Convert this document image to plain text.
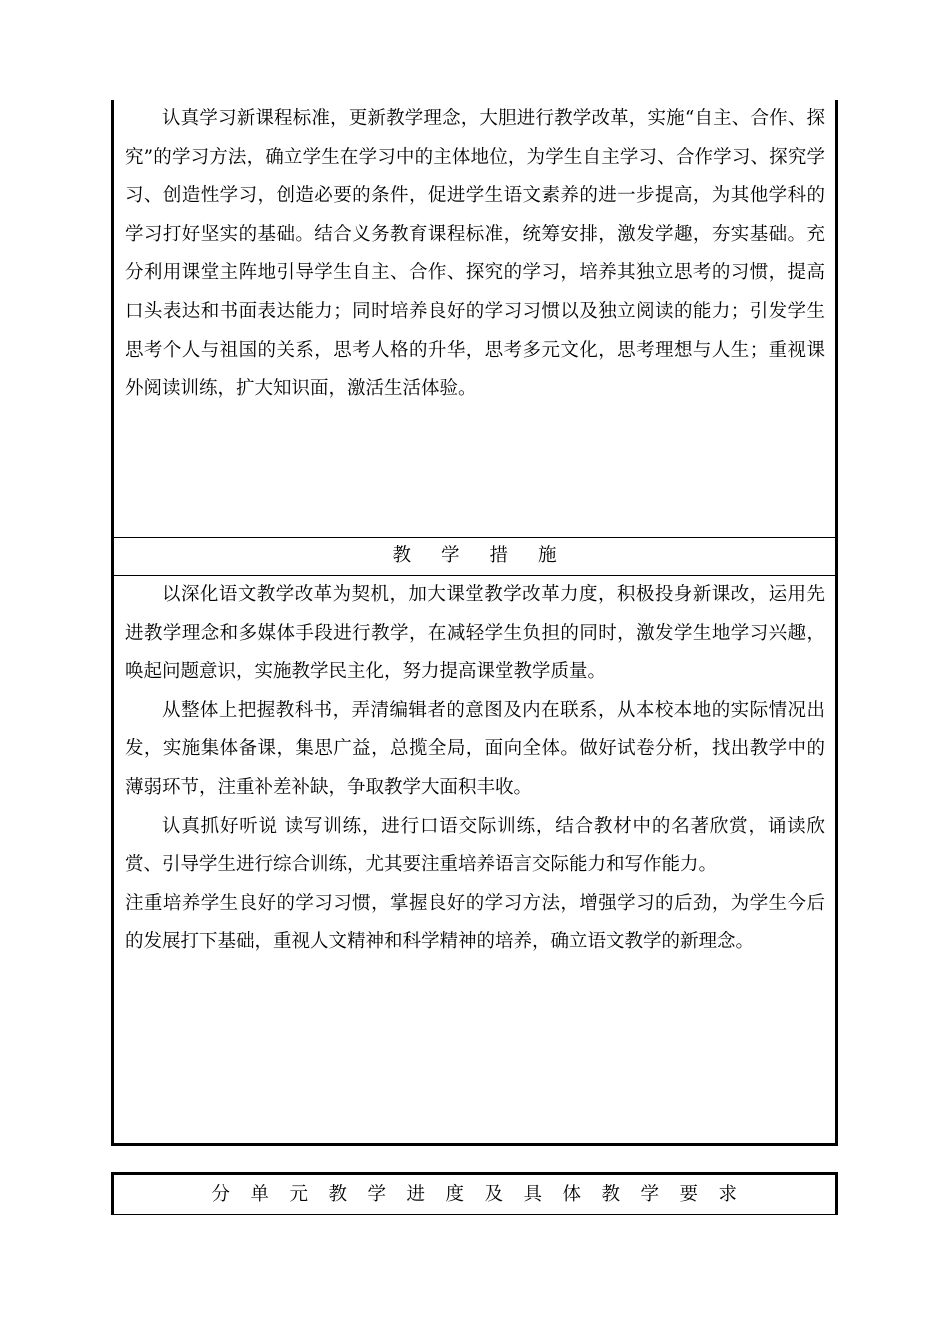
认真学习新课程标准，更新教学理念，大胆进行教学改革，实施“自主、合作、探究”的学习方法，确立学生在学习中的主体地位，为学生自主学习、合作学习、探究学习、创造性学习，创造必要的条件，促进学生语文素养的进一步提高，为其他学科的学习打好坚实的基础。结合义务教育课程标准，统筹安排，激发学趣，夯实基础。充分利用课堂主阵地引导学生自主、合作、探究的学习，培养其独立思考的习惯，提高口头表达和书面表达能力；同时培养良好的学习习惯以及独立阅读的能力；引发学生思考个人与祖国的关系，思考人格的升华，思考多元文化，思考理想与人生；重视课外阅读训练，扩大知识面，激活生活体验。

教学措施

以深化语文教学改革为契机，加大课堂教学改革力度，积极投身新课改，运用先进教学理念和多媒体手段进行教学，在减轻学生负担的同时，激发学生地学习兴趣，唤起问题意识，实施教学民主化，努力提高课堂教学质量。

从整体上把握教科书，弄清编辑者的意图及内在联系，从本校本地的实际情况出发，实施集体备课，集思广益，总揽全局，面向全体。做好试卷分析，找出教学中的薄弱环节，注重补差补缺，争取教学大面积丰收。

认真抓好听说 读写训练，进行口语交际训练，结合教材中的名著欣赏，诵读欣赏、引导学生进行综合训练，尤其要注重培养语言交际能力和写作能力。

注重培养学生良好的学习习惯，掌握良好的学习方法，增强学习的后劲，为学生今后的发展打下基础，重视人文精神和科学精神的培养，确立语文教学的新理念。

分单元教学进度及具体教学要求
